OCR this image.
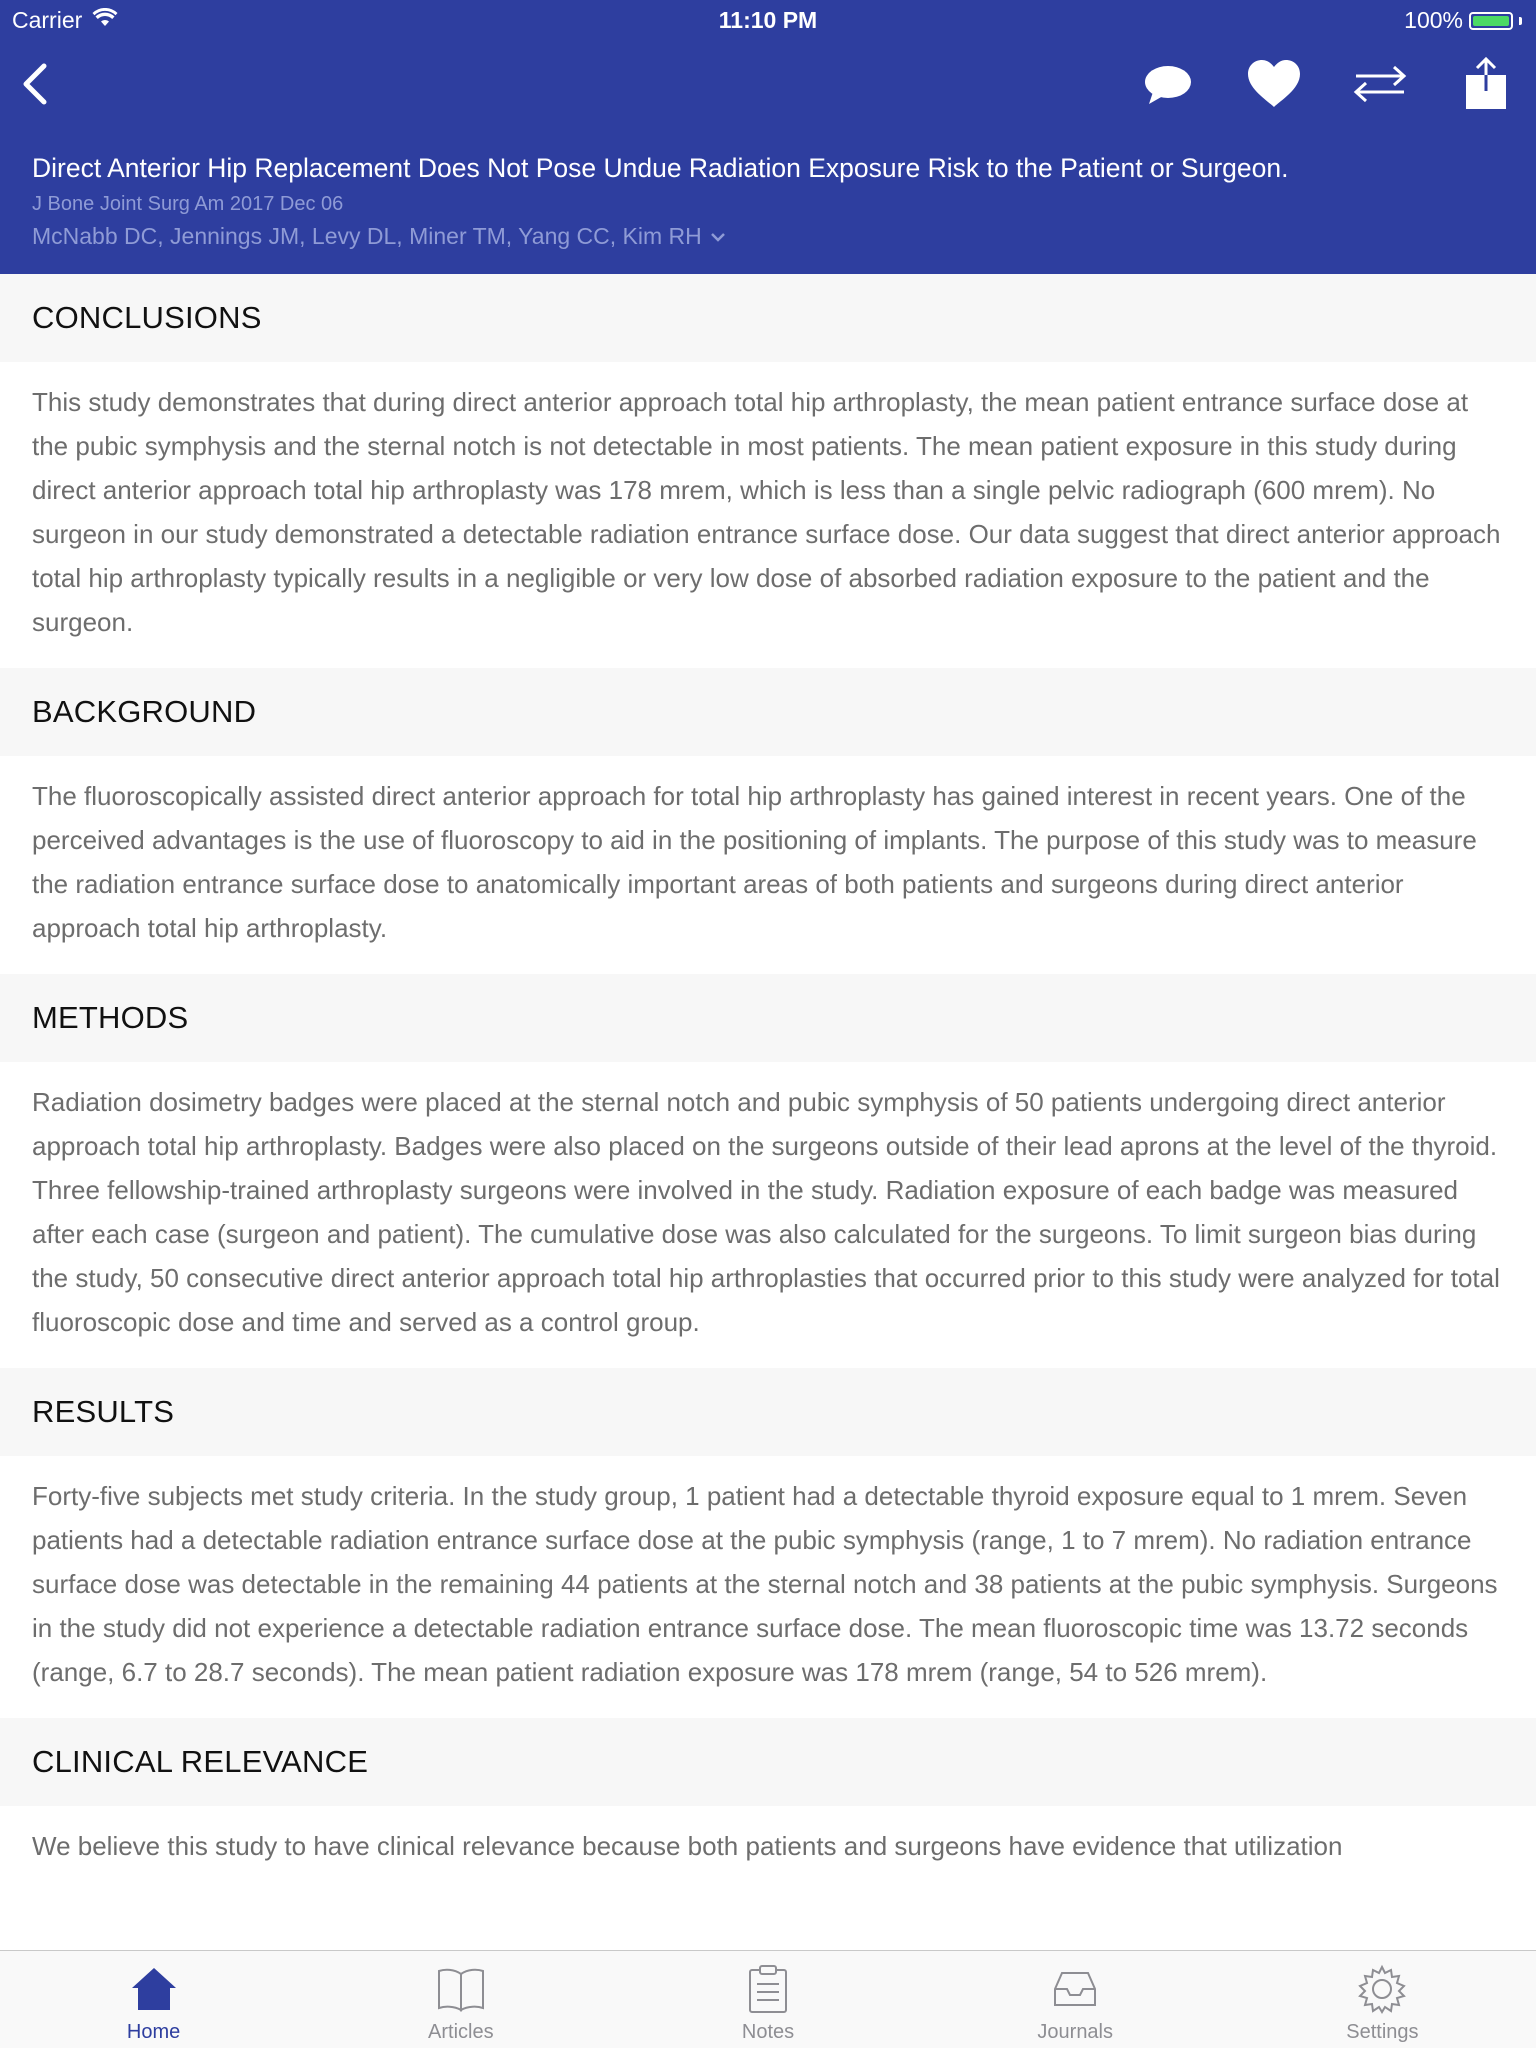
Carrier	11:10 PM	100%
Direct Anterior Hip Replacement Does Not Pose Undue Radiation Exposure Risk to the Patient or Surgeon.
J Bone Joint Surg Am 2017 Dec 06
McNabb DC, Jennings JM, Levy DL, Miner TM, Yang CC, Kim RH
CONCLUSIONS
This study demonstrates that during direct anterior approach total hip arthroplasty, the mean patient entrance surface dose at the pubic symphysis and the sternal notch is not detectable in most patients. The mean patient exposure in this study during direct anterior approach total hip arthroplasty was 178 mrem, which is less than a single pelvic radiograph (600 mrem). No surgeon in our study demonstrated a detectable radiation entrance surface dose. Our data suggest that direct anterior approach total hip arthroplasty typically results in a negligible or very low dose of absorbed radiation exposure to the patient and the surgeon.
BACKGROUND
The fluoroscopically assisted direct anterior approach for total hip arthroplasty has gained interest in recent years. One of the perceived advantages is the use of fluoroscopy to aid in the positioning of implants. The purpose of this study was to measure the radiation entrance surface dose to anatomically important areas of both patients and surgeons during direct anterior approach total hip arthroplasty.
METHODS
Radiation dosimetry badges were placed at the sternal notch and pubic symphysis of 50 patients undergoing direct anterior approach total hip arthroplasty. Badges were also placed on the surgeons outside of their lead aprons at the level of the thyroid. Three fellowship-trained arthroplasty surgeons were involved in the study. Radiation exposure of each badge was measured after each case (surgeon and patient). The cumulative dose was also calculated for the surgeons. To limit surgeon bias during the study, 50 consecutive direct anterior approach total hip arthroplasties that occurred prior to this study were analyzed for total fluoroscopic dose and time and served as a control group.
RESULTS
Forty-five subjects met study criteria. In the study group, 1 patient had a detectable thyroid exposure equal to 1 mrem. Seven patients had a detectable radiation entrance surface dose at the pubic symphysis (range, 1 to 7 mrem). No radiation entrance surface dose was detectable in the remaining 44 patients at the sternal notch and 38 patients at the pubic symphysis. Surgeons in the study did not experience a detectable radiation entrance surface dose. The mean fluoroscopic time was 13.72 seconds (range, 6.7 to 28.7 seconds). The mean patient radiation exposure was 178 mrem (range, 54 to 526 mrem).
CLINICAL RELEVANCE
We believe this study to have clinical relevance because both patients and surgeons have evidence that utilization
Home	Articles	Notes	Journals	Settings
